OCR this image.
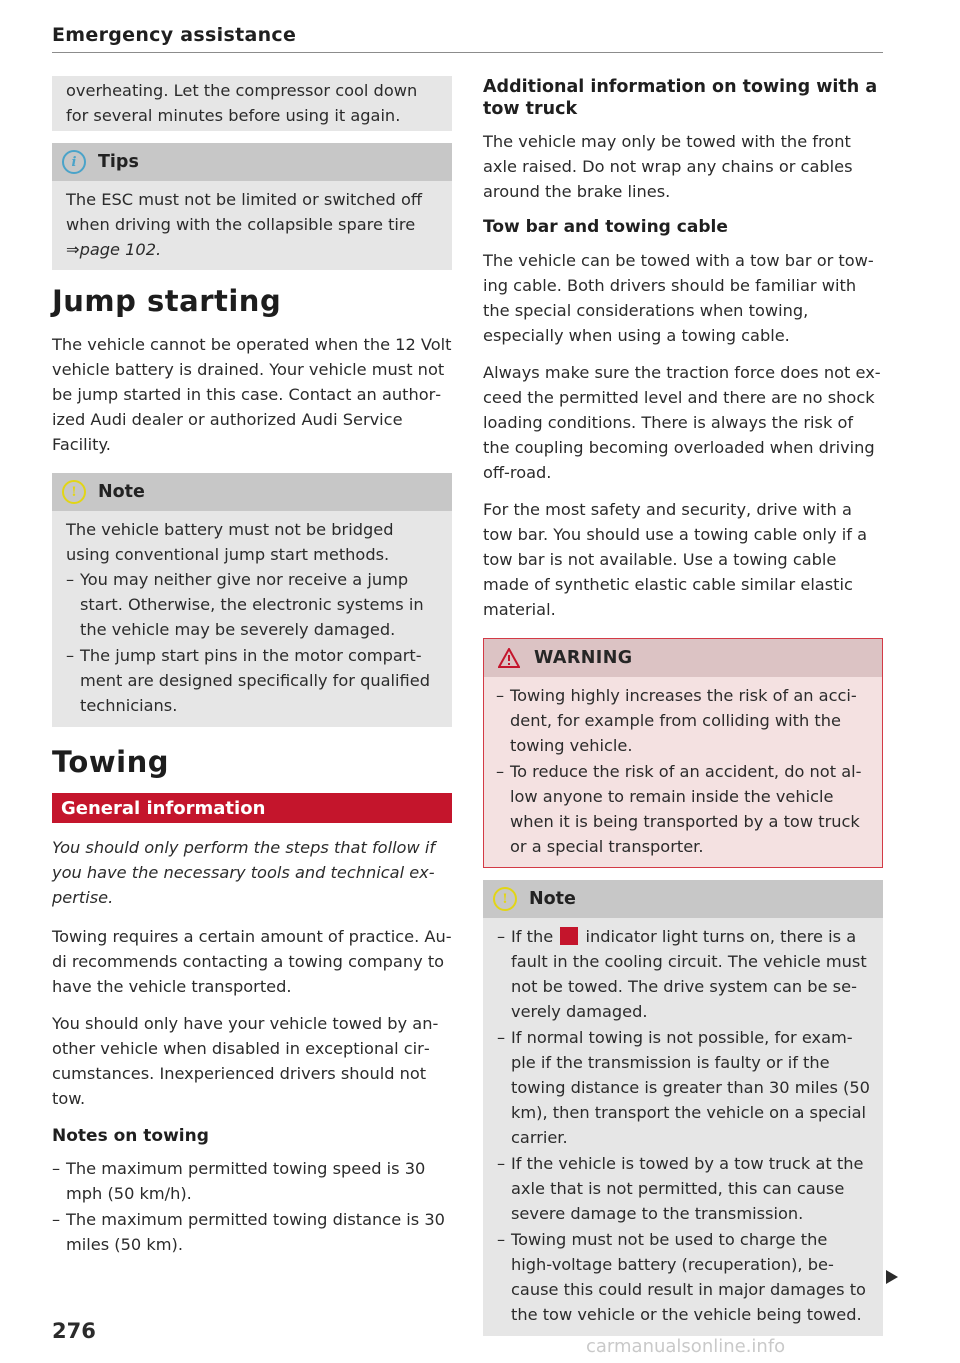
Emergency assistance

overheating. Let the compressor cool down for several minutes before using it again.

i	Tips

The ESC must not be limited or switched off when driving with the collapsible spare tire ⇒page 102.

Jump starting

The vehicle cannot be operated when the 12 Volt vehicle battery is drained. Your vehicle must not be jump started in this case. Contact an authorized Audi dealer or authorized Audi Service Facility.

!	Note

The vehicle battery must not be bridged using conventional jump start methods.

– You may neither give nor receive a jump start. Otherwise, the electronic systems in the vehicle may be severely damaged.
– The jump start pins in the motor compartment are designed specifically for qualified technicians.
Towing
General information

You should only perform the steps that follow if you have the necessary tools and technical expertise.

Towing requires a certain amount of practice. Audi recommends contacting a towing company to have the vehicle transported.

You should only have your vehicle towed by another vehicle when disabled in exceptional circumstances. Inexperienced drivers should not tow.

Notes on towing
– The maximum permitted towing speed is 30 mph (50 km/h).
– The maximum permitted towing distance is 30 miles (50 km).
Additional information on towing with a tow truck

The vehicle may only be towed with the front axle raised. Do not wrap any chains or cables around the brake lines.

Tow bar and towing cable

The vehicle can be towed with a tow bar or towing cable. Both drivers should be familiar with the special considerations when towing, especially when using a towing cable.

Always make sure the traction force does not exceed the permitted level and there are no shock loading conditions. There is always the risk of the coupling becoming overloaded when driving off-road.

For the most safety and security, drive with a tow bar. You should use a towing cable only if a tow bar is not available. Use a towing cable made of synthetic elastic cable similar elastic material.

WARNING
– Towing highly increases the risk of an accident, for example from colliding with the towing vehicle.
– To reduce the risk of an accident, do not allow anyone to remain inside the vehicle when it is being transported by a tow truck or a special transporter.
!	Note
– If the  indicator light turns on, there is a fault in the cooling circuit. The vehicle must not be towed. The drive system can be severely damaged.
– If normal towing is not possible, for example if the transmission is faulty or if the towing distance is greater than 30 miles (50 km), then transport the vehicle on a special carrier.
– If the vehicle is towed by a tow truck at the axle that is not permitted, this can cause severe damage to the transmission.
– Towing must not be used to charge the high-voltage battery (recuperation), because this could result in major damages to the tow vehicle or the vehicle being towed.
276
carmanualsonline.info
